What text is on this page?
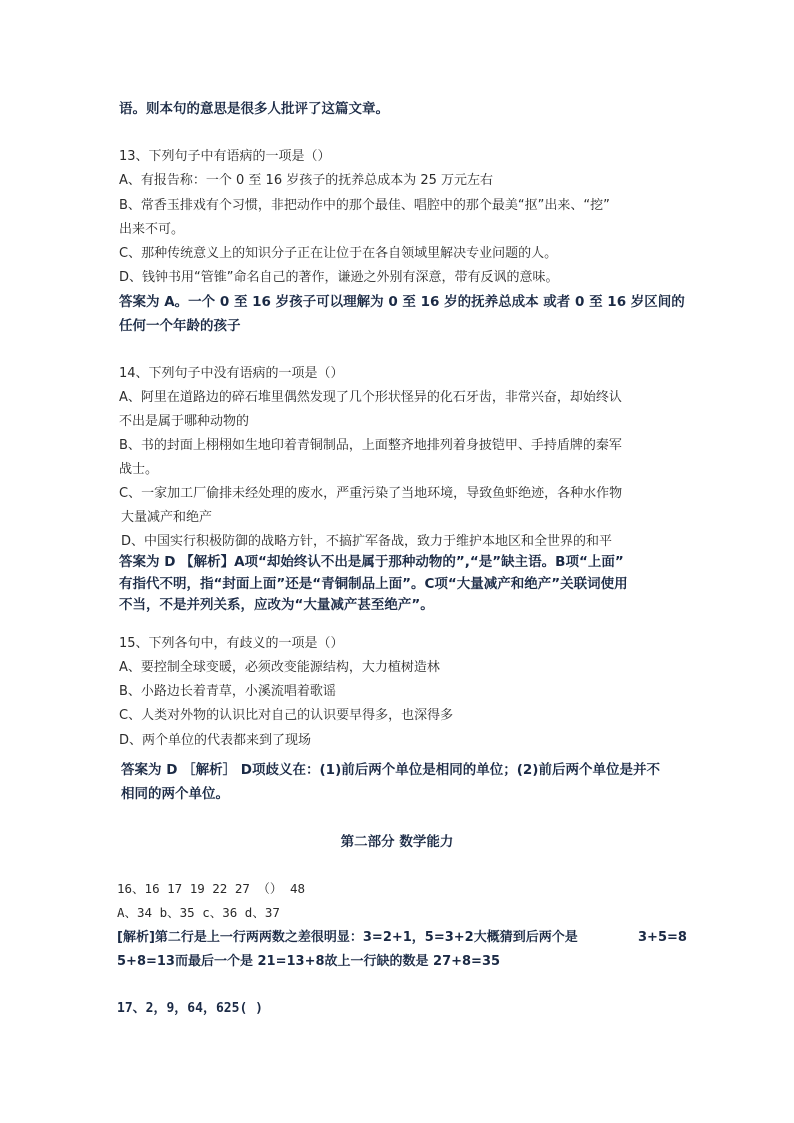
语。则本句的意思是很多人批评了这篇文章。
13、下列句子中有语病的一项是（）
A、有报告称：一个 0 至 16 岁孩子的抚养总成本为 25 万元左右
B、常香玉排戏有个习惯，非把动作中的那个最佳、唱腔中的那个最美“抠”出来、“挖”
出来不可。
C、那种传统意义上的知识分子正在让位于在各自领域里解决专业问题的人。
D、钱钟书用“管锥”命名自己的著作，谦逊之外别有深意，带有反讽的意味。
答案为 A。一个 0 至 16 岁孩子可以理解为 0 至 16 岁的抚养总成本 或者 0 至 16 岁区间的
任何一个年龄的孩子
14、下列句子中没有语病的一项是（）
A、阿里在道路边的碎石堆里偶然发现了几个形状怪异的化石牙齿，非常兴奋，却始终认
不出是属于哪种动物的
B、书的封面上栩栩如生地印着青铜制品，上面整齐地排列着身披铠甲、手持盾牌的秦军
战士。
C、一家加工厂偷排未经处理的废水，严重污染了当地环境，导致鱼虾绝迹，各种水作物
大量减产和绝产
D、中国实行积极防御的战略方针，不搞扩军备战，致力于维护本地区和全世界的和平
答案为 D 【解析】A项“却始终认不出是属于那种动物的”,“是”缺主语。B项“上面”
有指代不明，指“封面上面”还是“青铜制品上面”。C项“大量减产和绝产”关联词使用
不当，不是并列关系，应改为“大量减产甚至绝产”。
15、下列各句中，有歧义的一项是（）
A、要控制全球变暖，必须改变能源结构，大力植树造林
B、小路边长着青草，小溪流唱着歌谣
C、人类对外物的认识比对自己的认识要早得多，也深得多
D、两个单位的代表都来到了现场
答案为 D ［解析］ D项歧义在：(1)前后两个单位是相同的单位；(2)前后两个单位是并不
相同的两个单位。
第二部分 数学能力
16、16 17 19 22 27 （） 48
A、34 b、35 c、36 d、37
[解析]第二行是上一行两两数之差很明显：3=2+1，5=3+2大概猜到后两个是	3+5=8
5+8=13而最后一个是 21=13+8故上一行缺的数是 27+8=35
17、2，9，64，625( )
